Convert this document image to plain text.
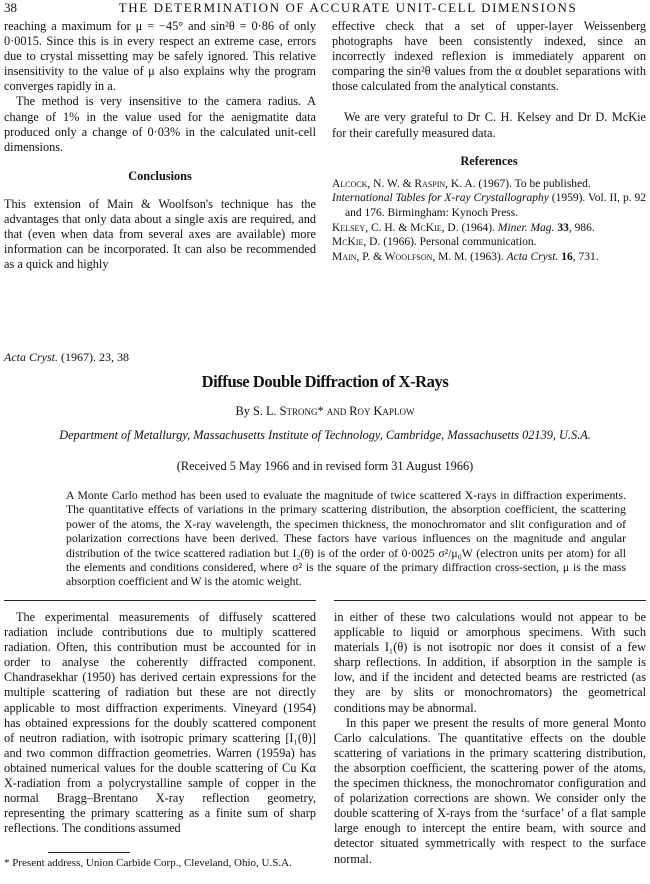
38	THE DETERMINATION OF ACCURATE UNIT-CELL DIMENSIONS

reaching a maximum for μ = −45° and sin²θ = 0·86 of only 0·0015. Since this is in every respect an extreme case, errors due to crystal missetting may be safely ignored. This relative insensitivity to the value of μ also explains why the program converges rapidly in a.

The method is very insensitive to the camera radius. A change of 1% in the value used for the aenigmatite data produced only a change of 0·03% in the calculated unit-cell dimensions.

Conclusions

This extension of Main & Woolfson's technique has the advantages that only data about a single axis are required, and that (even when data from several axes are available) more information can be incorporated. It can also be recommended as a quick and highly

effective check that a set of upper-layer Weissenberg photographs have been consistently indexed, since an incorrectly indexed reflexion is immediately apparent on comparing the sin²θ values from the α doublet separations with those calculated from the analytical constants.

We are very grateful to Dr C. H. Kelsey and Dr D. McKie for their carefully measured data.

References

Alcock, N. W. & Raspin, K. A. (1967). To be published.

International Tables for X-ray Crystallography (1959). Vol. II, p. 92 and 176. Birmingham: Kynoch Press.

Kelsey, C. H. & McKie, D. (1964). Miner. Mag. 33, 986.

McKie, D. (1966). Personal communication.

Main, P. & Woolfson, M. M. (1963). Acta Cryst. 16, 731.

Acta Cryst. (1967). 23, 38
Diffuse Double Diffraction of X-Rays
By S. L. Strong* and Roy Kaplow
Department of Metallurgy, Massachusetts Institute of Technology, Cambridge, Massachusetts 02139, U.S.A.
(Received 5 May 1966 and in revised form 31 August 1966)
A Monte Carlo method has been used to evaluate the magnitude of twice scattered X-rays in diffraction experiments. The quantitative effects of variations in the primary scattering distribution, the absorption coefficient, the scattering power of the atoms, the X-ray wavelength, the specimen thickness, the monochromator and slit configuration and of polarization corrections have been derived. These factors have various influences on the magnitude and angular distribution of the twice scattered radiation but I₂(θ) is of the order of 0·0025 σ²/μ₀W (electron units per atom) for all the elements and conditions considered, where σ² is the square of the primary diffraction cross-section, μ is the mass absorption coefficient and W is the atomic weight.

The experimental measurements of diffusely scattered radiation include contributions due to multiply scattered radiation. Often, this contribution must be accounted for in order to analyse the coherently diffracted component. Chandrasekhar (1950) has derived certain expressions for the multiple scattering of radiation but these are not directly applicable to most diffraction experiments. Vineyard (1954) has obtained expressions for the doubly scattered component of neutron radiation, with isotropic primary scattering [I₁(θ)] and two common diffraction geometries. Warren (1959a) has obtained numerical values for the double scattering of Cu Kα X-radiation from a polycrystalline sample of copper in the normal Bragg–Brentano X-ray reflection geometry, representing the primary scattering as a finite sum of sharp reflections. The conditions assumed

* Present address, Union Carbide Corp., Cleveland, Ohio, U.S.A.

in either of these two calculations would not appear to be applicable to liquid or amorphous specimens. With such materials I₁(θ) is not isotropic nor does it consist of a few sharp reflections. In addition, if absorption in the sample is low, and if the incident and detected beams are restricted (as they are by slits or monochromators) the geometrical conditions may be abnormal.

In this paper we present the results of more general Monto Carlo calculations. The quantitative effects on the double scattering of variations in the primary scattering distribution, the absorption coefficient, the scattering power of the atoms, the specimen thickness, the monochromator configuration and of polarization corrections are shown. We consider only the double scattering of X-rays from the ‘surface’ of a flat sample large enough to intercept the entire beam, with source and detector situated symmetrically with respect to the surface normal.
